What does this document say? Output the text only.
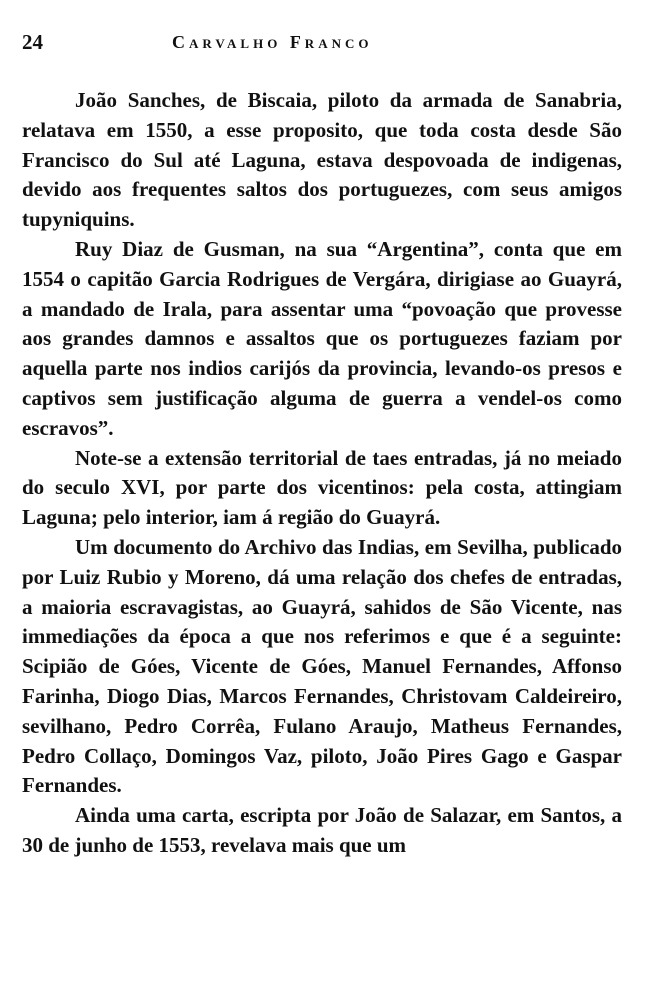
24	Carvalho Franco

João Sanches, de Biscaia, piloto da armada de Sanabria, relatava em 1550, a esse proposito, que toda costa desde São Francisco do Sul até Laguna, estava despovoada de indigenas, devido aos frequentes saltos dos portuguezes, com seus amigos tupyniquins.

Ruy Diaz de Gusman, na sua “Argentina”, conta que em 1554 o capitão Garcia Rodrigues de Vergára, dirigiase ao Guayrá, a mandado de Irala, para assentar uma “povoação que provesse aos grandes damnos e assaltos que os portuguezes faziam por aquella parte nos indios carijós da provincia, levando-os presos e captivos sem justificação alguma de guerra a vendel-os como escravos”.

Note-se a extensão territorial de taes entradas, já no meiado do seculo XVI, por parte dos vicentinos: pela costa, attingiam Laguna; pelo interior, iam á região do Guayrá.

Um documento do Archivo das Indias, em Sevilha, publicado por Luiz Rubio y Moreno, dá uma relação dos chefes de entradas, a maioria escravagistas, ao Guayrá, sahidos de São Vicente, nas immediações da época a que nos referimos e que é a seguinte: Scipião de Góes, Vicente de Góes, Manuel Fernandes, Affonso Farinha, Diogo Dias, Marcos Fernandes, Christovam Caldeireiro, sevilhano, Pedro Corrêa, Fulano Araujo, Matheus Fernandes, Pedro Collaço, Domingos Vaz, piloto, João Pires Gago e Gaspar Fernandes.

Ainda uma carta, escripta por João de Salazar, em Santos, a 30 de junho de 1553, revelava mais que um
